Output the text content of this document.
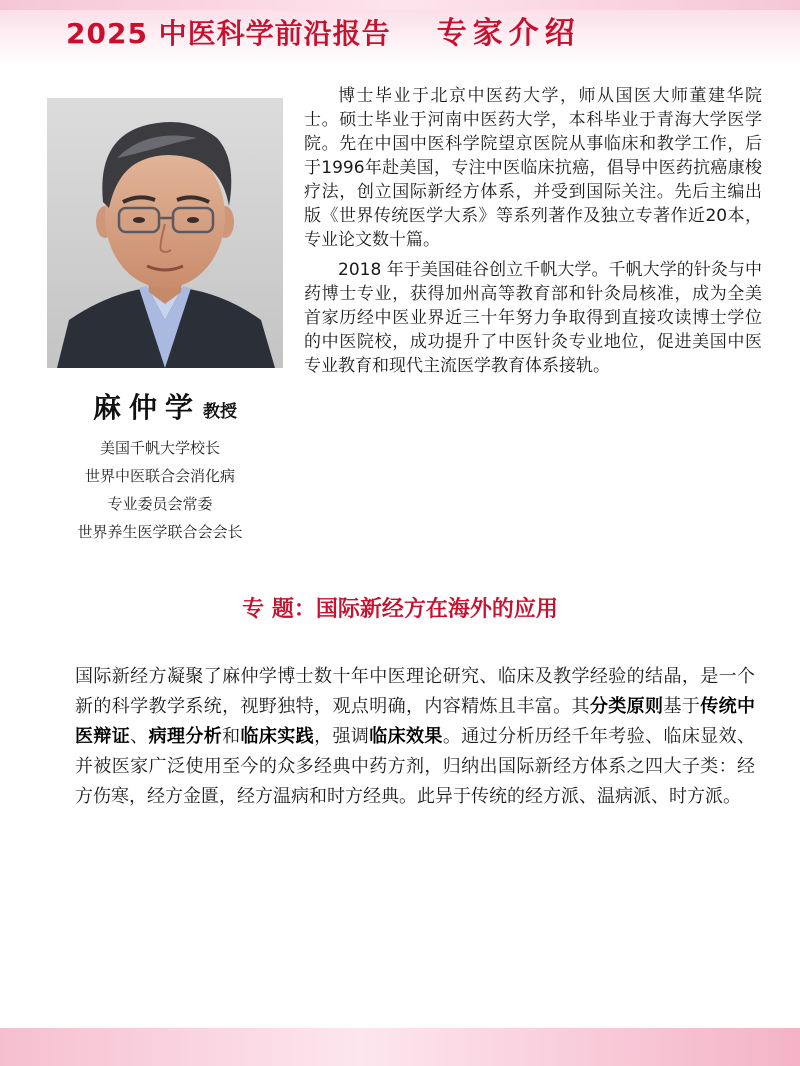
2025 中医科学前沿报告 专家介绍
麻仲学 教授
美国千帆大学校长
世界中医联合会消化病
专业委员会常委
世界养生医学联合会会长

博士毕业于北京中医药大学，师从国医大师董建华院士。硕士毕业于河南中医药大学，本科毕业于青海大学医学院。先在中国中医科学院望京医院从事临床和教学工作，后于1996年赴美国，专注中医临床抗癌，倡导中医药抗癌康梭疗法，创立国际新经方体系，并受到国际关注。先后主编出版《世界传统医学大系》等系列著作及独立专著作近20本，专业论文数十篇。

2018 年于美国硅谷创立千帆大学。千帆大学的针灸与中药博士专业，获得加州高等教育部和针灸局核准，成为全美首家历经中医业界近三十年努力争取得到直接攻读博士学位的中医院校，成功提升了中医针灸专业地位，促进美国中医专业教育和现代主流医学教育体系接轨。

专 题：国际新经方在海外的应用
国际新经方凝聚了麻仲学博士数十年中医理论研究、临床及教学经验的结晶，是一个新的科学教学系统，视野独特，观点明确，内容精炼且丰富。其分类原则基于传统中医辩证、病理分析和临床实践，强调临床效果。通过分析历经千年考验、临床显效、并被医家广泛使用至今的众多经典中药方剂，归纳出国际新经方体系之四大子类：经方伤寒，经方金匱，经方温病和时方经典。此异于传统的经方派、温病派、时方派。
